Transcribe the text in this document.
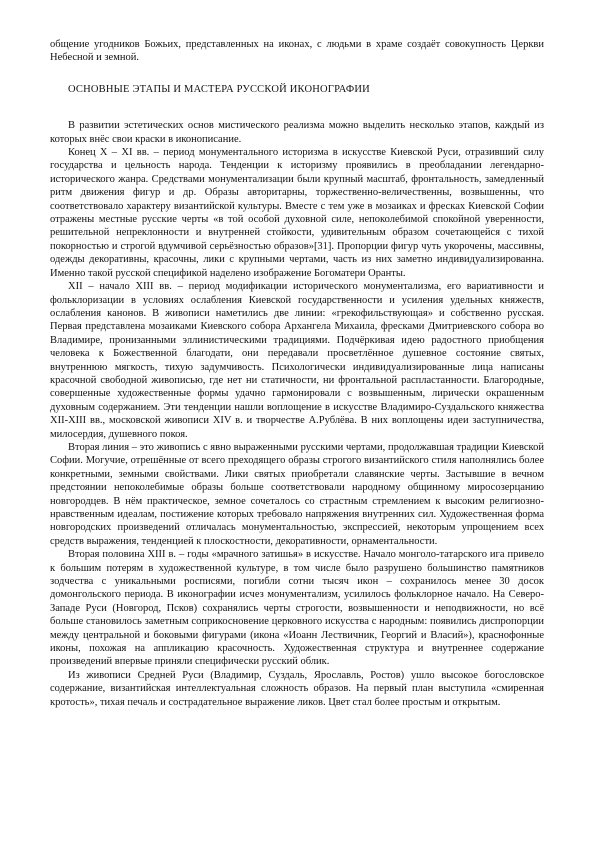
общение угодников Божьих, представленных на иконах, с людьми в храме создаёт совокупность Церкви Небесной и земной.

ОСНОВНЫЕ ЭТАПЫ И МАСТЕРА РУССКОЙ ИКОНОГРАФИИ

В развитии эстетических основ мистического реализма можно выделить несколько этапов, каждый из которых внёс свои краски в иконописание.

Конец X – XI вв. – период монументального историзма в искусстве Киевской Руси, отразивший силу государства и цельность народа. Тенденции к историзму проявились в преобладании легендарно-исторического жанра. Средствами монументализации были крупный масштаб, фронтальность, замедленный ритм движения фигур и др. Образы авторитарны, торжественно-величественны, возвышенны, что соответствовало характеру византийской культуры. Вместе с тем уже в мозаиках и фресках Киевской Софии отражены местные русские черты «в той особой духовной силе, непоколебимой спокойной уверенности, решительной непреклонности и внутренней стойкости, удивительным образом сочетающейся с тихой покорностью и строгой вдумчивой серьёзностью образов»[31]. Пропорции фигур чуть укорочены, массивны, одежды декоративны, красочны, лики с крупными чертами, часть из них заметно индивидуализированна. Именно такой русской спецификой наделено изображение Богоматери Оранты.

XII – начало XIII вв. – период модификации исторического монументализма, его вариативности и фольклоризации в условиях ослабления Киевской государственности и усиления удельных княжеств, ослабления канонов. В живописи наметились две линии: «грекофильствующая» и собственно русская. Первая представлена мозаиками Киевского собора Архангела Михаила, фресками Дмитриевского собора во Владимире, пронизанными эллинистическими традициями. Подчёркивая идею радостного приобщения человека к Божественной благодати, они передавали просветлённое душевное состояние святых, внутреннюю мягкость, тихую задумчивость. Психологически индивидуализированные лица написаны красочной свободной живописью, где нет ни статичности, ни фронтальной распластанности. Благородные, совершенные художественные формы удачно гармонировали с возвышенным, лирически окрашенным духовным содержанием. Эти тенденции нашли воплощение в искусстве Владимиро-Суздальского княжества XII-XIII вв., московской живописи XIV в. и творчестве А.Рублёва. В них воплощены идеи заступничества, милосердия, душевного покоя.

Вторая линия – это живопись с явно выраженными русскими чертами, продолжавшая традиции Киевской Софии. Могучие, отрешённые от всего преходящего образы строгого византийского стиля наполнялись более конкретными, земными свойствами. Лики святых приобретали славянские черты. Застывшие в вечном предстоянии непоколебимые образы больше соответствовали народному общинному миросозерцанию новгородцев. В нём практическое, земное сочеталось со страстным стремлением к высоким религиозно-нравственным идеалам, постижение которых требовало напряжения внутренних сил. Художественная форма новгородских произведений отличалась монументальностью, экспрессией, некоторым упрощением всех средств выражения, тенденцией к плоскостности, декоративности, орнаментальности.

Вторая половина XIII в. – годы «мрачного затишья» в искусстве. Начало монголо-татарского ига привело к большим потерям в художественной культуре, в том числе было разрушено большинство памятников зодчества с уникальными росписями, погибли сотни тысяч икон – сохранилось менее 30 досок домонгольского периода. В иконографии исчез монументализм, усилилось фольклорное начало. На Северо-Западе Руси (Новгород, Псков) сохранялись черты строгости, возвышенности и неподвижности, но всё больше становилось заметным соприкосновение церковного искусства с народным: появились диспропорции между центральной и боковыми фигурами (икона «Иоанн Лествичник, Георгий и Власий»), краснофонные иконы, похожая на аппликацию красочность. Художественная структура и внутреннее содержание произведений впервые приняли специфически русский облик.

Из живописи Средней Руси (Владимир, Суздаль, Ярославль, Ростов) ушло высокое богословское содержание, византийская интеллектуальная сложность образов. На первый план выступила «смиренная кротость», тихая печаль и сострадательное выражение ликов. Цвет стал более простым и открытым.
